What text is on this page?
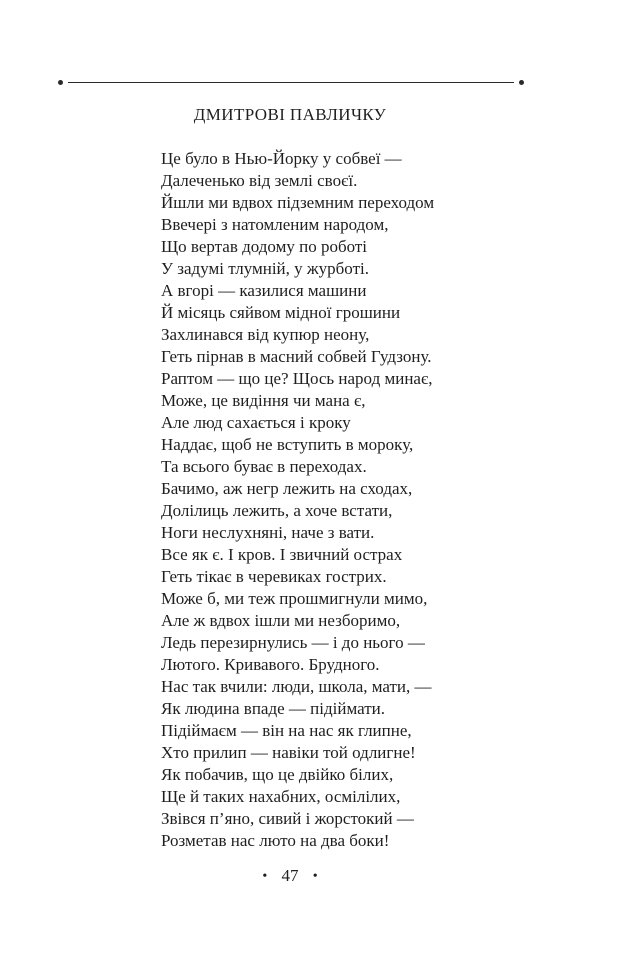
ДМИТРОВІ ПАВЛИЧКУ
Це було в Нью-Йорку у собвеї —
Далеченько від землі своєї.
Йшли ми вдвох підземним переходом
Ввечері з натомленим народом,
Що вертав додому по роботі
У задумі тлумній, у журботі.
А вгорі — казилися машини
Й місяць сяйвом мідної грошини
Захлинався від купюр неону,
Геть пірнав в масний собвей Гудзону.
Раптом — що це? Щось народ минає,
Може, це видіння чи мана є,
Але люд сахається і кроку
Наддає, щоб не вступить в мороку,
Та всього буває в переходах.
Бачимо, аж негр лежить на сходах,
Долілиць лежить, а хоче встати,
Ноги неслухняні, наче з вати.
Все як є. І кров. І звичний острах
Геть тікає в черевиках гострих.
Може б, ми теж прошмигнули мимо,
Але ж вдвох ішли ми незборимо,
Ледь перезирнулись — і до нього —
Лютого. Кривавого. Брудного.
Нас так вчили: люди, школа, мати, —
Як людина впаде — підіймати.
Підіймаєм — він на нас як глипне,
Хто прилип — навіки той одлигне!
Як побачив, що це двійко білих,
Ще й таких нахабних, осмілілих,
Звівся п’яно, сивий і жорстокий —
Розметав нас люто на два боки!
• 47 •
